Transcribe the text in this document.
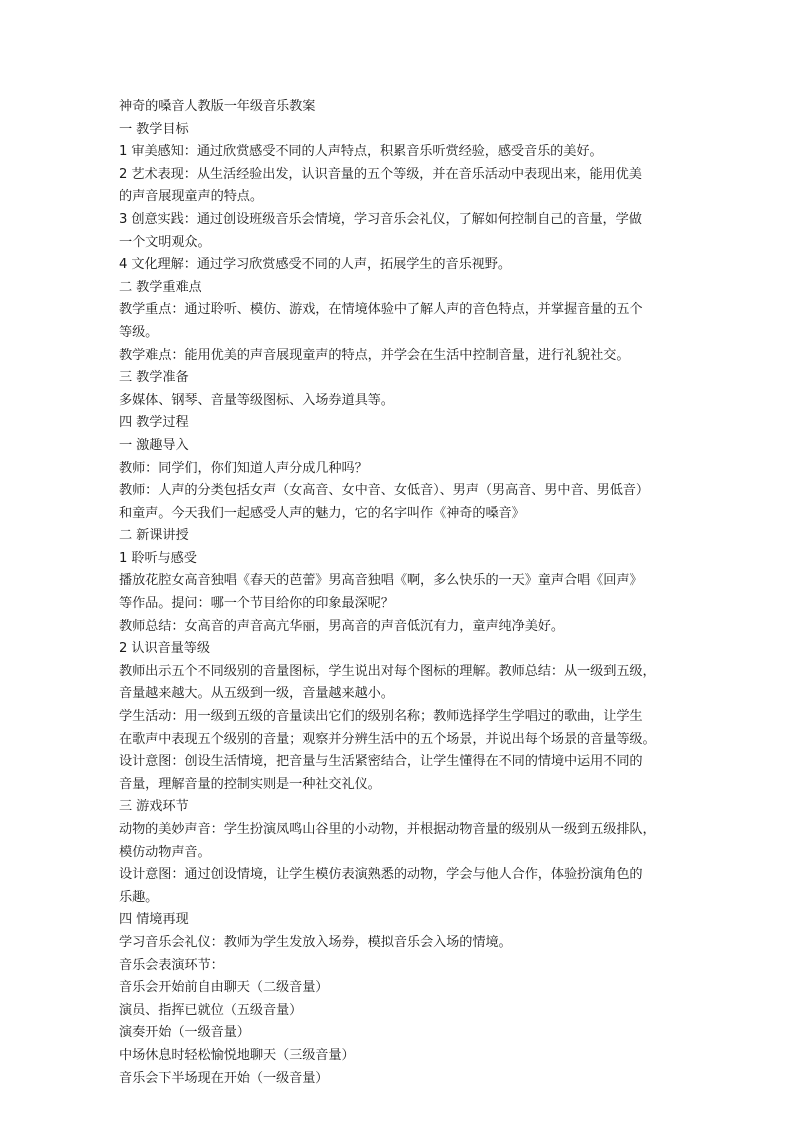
神奇的嗓音人教版一年级音乐教案
一 教学目标
1 审美感知：通过欣赏感受不同的人声特点，积累音乐听赏经验，感受音乐的美好。
2 艺术表现：从生活经验出发，认识音量的五个等级，并在音乐活动中表现出来，能用优美
的声音展现童声的特点。
3 创意实践：通过创设班级音乐会情境，学习音乐会礼仪，了解如何控制自己的音量，学做
一个文明观众。
4 文化理解：通过学习欣赏感受不同的人声，拓展学生的音乐视野。
二 教学重难点
教学重点：通过聆听、模仿、游戏，在情境体验中了解人声的音色特点，并掌握音量的五个
等级。
教学难点：能用优美的声音展现童声的特点，并学会在生活中控制音量，进行礼貌社交。
三 教学准备
多媒体、钢琴、音量等级图标、入场券道具等。
四 教学过程
一 激趣导入
教师：同学们，你们知道人声分成几种吗？
教师：人声的分类包括女声（女高音、女中音、女低音）、男声（男高音、男中音、男低音）
和童声。今天我们一起感受人声的魅力，它的名字叫作《神奇的嗓音》
二 新课讲授
1 聆听与感受
播放花腔女高音独唱《春天的芭蕾》男高音独唱《啊，多么快乐的一天》童声合唱《回声》
等作品。提问：哪一个节目给你的印象最深呢？
教师总结：女高音的声音高亢华丽，男高音的声音低沉有力，童声纯净美好。
2 认识音量等级
教师出示五个不同级别的音量图标，学生说出对每个图标的理解。教师总结：从一级到五级，
音量越来越大。从五级到一级，音量越来越小。
学生活动：用一级到五级的音量读出它们的级别名称；教师选择学生学唱过的歌曲，让学生
在歌声中表现五个级别的音量；观察并分辨生活中的五个场景，并说出每个场景的音量等级。
设计意图：创设生活情境，把音量与生活紧密结合，让学生懂得在不同的情境中运用不同的
音量，理解音量的控制实则是一种社交礼仪。
三 游戏环节
动物的美妙声音：学生扮演凤鸣山谷里的小动物，并根据动物音量的级别从一级到五级排队，
模仿动物声音。
设计意图：通过创设情境，让学生模仿表演熟悉的动物，学会与他人合作，体验扮演角色的
乐趣。
四 情境再现
学习音乐会礼仪：教师为学生发放入场券，模拟音乐会入场的情境。
音乐会表演环节：
音乐会开始前自由聊天（二级音量）
演员、指挥已就位（五级音量）
演奏开始（一级音量）
中场休息时轻松愉悦地聊天（三级音量）
音乐会下半场现在开始（一级音量）
